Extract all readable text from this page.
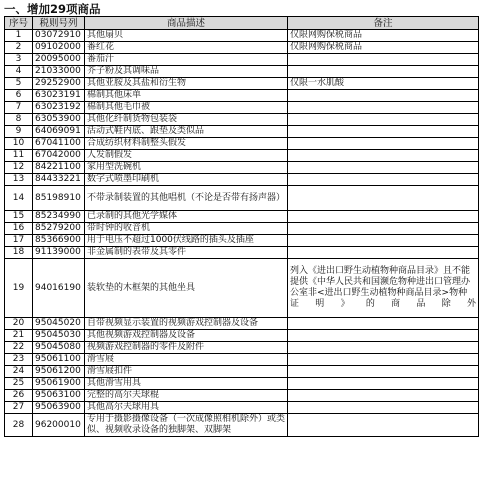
一、增加29项商品
序号	税则号列	商品描述	备注
1	03072910	其他扇贝	仅限网购保税商品
2	09102000	番红花	仅限网购保税商品
3	20095000	番茄汁	
4	21033000	芥子粉及其调味品	
5	29252900	其他亚胺及其盐和衍生物	仅限一水肌酸
6	63023191	棉制其他床单	
7	63023192	棉制其他毛巾被	
8	63053900	其他化纤制货物包装袋	
9	64069091	活动式鞋内底、跟垫及类似品	
10	67041100	合成纺织材料制整头假发	
11	67042000	人发制假发	
12	84221100	家用型洗碗机	
13	84433221	数字式喷墨印刷机	
14	85198910	不带录制装置的其他唱机（不论是否带有扬声器）	
15	85234990	已录制的其他光学媒体	
16	85279200	带时钟的收音机	
17	85366900	用于电压不超过1000伏线路的插头及插座	
18	91139000	非金属制的表带及其零件	
19	94016190	装软垫的木框架的其他坐具	列入《进出口野生动植物种商品目录》且不能提供《中华人民共和国濒危物种进出口管理办公室非<进出口野生动植物种商品目录>物种证明》的商品除外
20	95045020	自带视频显示装置的视频游戏控制器及设备	
21	95045030	其他视频游戏控制器及设备	
22	95045080	视频游戏控制器的零件及附件	
23	95061100	滑雪屐	
24	95061200	滑雪屐扣件	
25	95061900	其他滑雪用具	
26	95063100	完整的高尔夫球棍	
27	95063900	其他高尔夫球用具	
28	96200010	专用于摄影摄像设备（一次成像照相机除外）或类似、视频收录设备的独脚架、双脚架	
